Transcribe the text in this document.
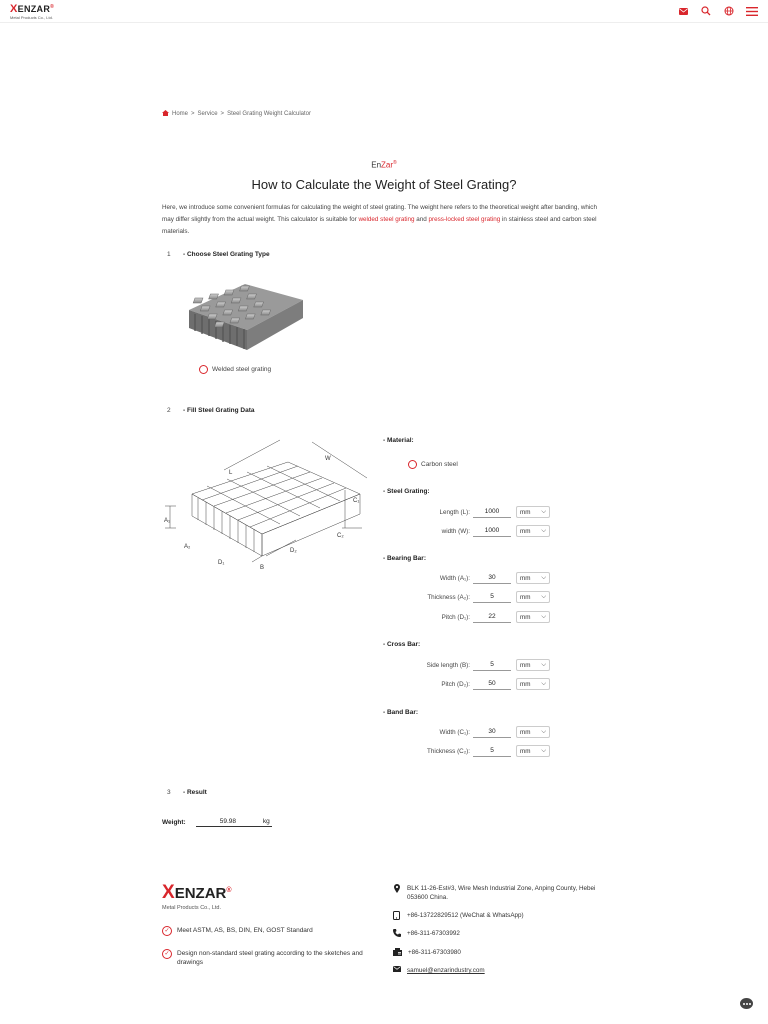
XENZAR®
Metal Products Co., Ltd.
Home > Service > Steel Grating Weight Calculator
EnZar®
How to Calculate the Weight of Steel Grating?
Here, we introduce some convenient formulas for calculating the weight of steel grating. The weight here refers to the theoretical weight after banding, which may differ slightly from the actual weight. This calculator is suitable for welded steel grating and press-locked steel grating in stainless steel and carbon steel materials.
1	- Choose Steel Grating Type
Welded steel grating
2	- Fill Steel Grating Data
L
W
A₁
A₂
C₁
C₂
D₁
D₂
B
- Material:
Carbon steel
- Steel Grating:
Length (L):
1000	mm ⌵
width (W):
1000	mm ⌵
- Bearing Bar:
Width (A₁):
30	mm ⌵
Thickness (A₂):
5	mm ⌵
Pitch (D₁):
22	mm ⌵
- Cross Bar:
Side length (B):
5	mm ⌵
Pitch (D₂):
50	mm ⌵
- Band Bar:
Width (C₁):
30	mm ⌵
Thickness (C₂):
5	mm ⌵
3	- Result
Weight:	59.98	kg
XENZAR®
Metal Products Co., Ltd.
✓	Meet ASTM, AS, BS, DIN, EN, GOST Standard
✓	Design non-standard steel grating according to the sketches and drawings
BLK 11-26-Est#3, Wire Mesh Industrial Zone, Anping County, Hebei 053600 China.
+86-13722829512 (WeChat & WhatsApp)
+86-311-67303992
+86-311-67303980
samuel@enzarindustry.com
